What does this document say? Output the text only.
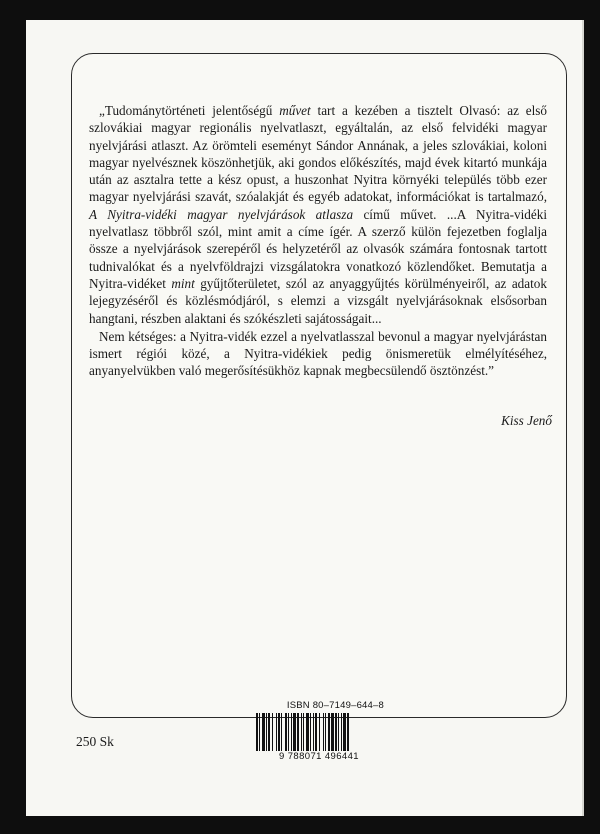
„Tudománytörténeti jelentőségű művet tart a kezében a tisztelt Olvasó: az első szlovákiai magyar regionális nyelvatlaszt, egyáltalán, az első felvidéki magyar nyelvjárási atlaszt. Az örömteli eseményt Sándor Annának, a jeles szlovákiai, koloni magyar nyelvésznek köszönhetjük, aki gondos előkészítés, majd évek kitartó munkája után az asztalra tette a kész opust, a huszonhat Nyitra környéki település több ezer magyar nyelvjárási szavát, szóalakját és egyéb adatokat, információkat is tartalmazó, A Nyitra-vidéki magyar nyelvjárások atlasza című művet. ...A Nyitra-vidéki nyelvatlasz többről szól, mint amit a címe ígér. A szerző külön fejezetben foglalja össze a nyelvjárások szerepéről és helyzetéről az olvasók számára fontosnak tartott tudnivalókat és a nyelvföldrajzi vizsgálatokra vonatkozó közlendőket. Bemutatja a Nyitra-vidéket mint gyűjtőterületet, szól az anyaggyűjtés körülményeiről, az adatok lejegyzéséről és közlésmódjáról, s elemzi a vizsgált nyelvjárásoknak elsősorban hangtani, részben alaktani és szókészleti sajátosságait...

Nem kétséges: a Nyitra-vidék ezzel a nyelvatlasszal bevonul a magyar nyelvjárástan ismert régiói közé, a Nyitra-vidékiek pedig önismeretük elmélyítéséhez, anyanyelvükben való megerősítésükhöz kapnak megbecsülendő ösztönzést.”

Kiss Jenő
250 Sk
ISBN 80–7149–644–8
9 788071 496441
